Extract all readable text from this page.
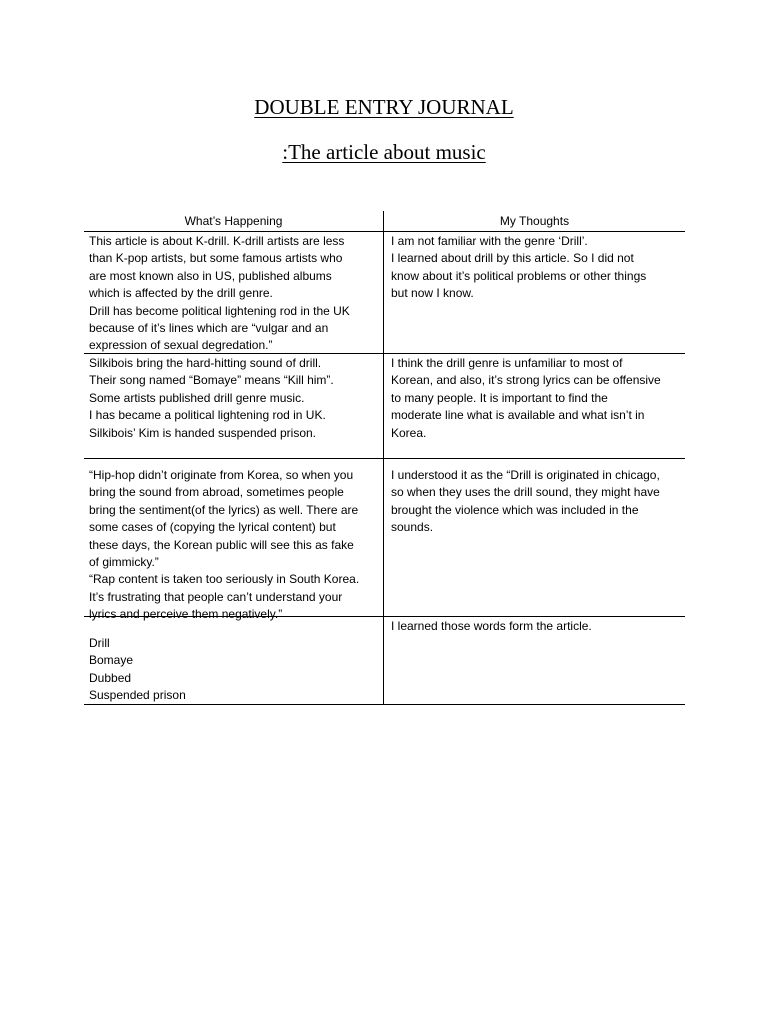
DOUBLE ENTRY JOURNAL
:The article about music
What’s Happening	My Thoughts
This article is about K-drill. K-drill artists are less
than K-pop artists, but some famous artists who
are most known also in US, published albums
which is affected by the drill genre.
Drill has become political lightening rod in the UK
because of it’s lines which are “vulgar and an
expression of sexual degredation.”
I am not familiar with the genre ‘Drill’.
I learned about drill by this article. So I did not
know about it’s political problems or other things
but now I know.
Silkibois bring the hard-hitting sound of drill.
Their song named “Bomaye” means “Kill him”.
Some artists published drill genre music.
I has became a political lightening rod in UK.
Silkibois’ Kim is handed suspended prison.
I think the drill genre is unfamiliar to most of
Korean, and also, it’s strong lyrics can be offensive
to many people. It is important to find the
moderate line what is available and what isn’t in
Korea.
“Hip-hop didn’t originate from Korea, so when you
bring the sound from abroad, sometimes people
bring the sentiment(of the lyrics) as well. There are
some cases of (copying the lyrical content) but
these days, the Korean public will see this as fake
of gimmicky.”
“Rap content is taken too seriously in South Korea.
It’s frustrating that people can’t understand your
lyrics and perceive them negatively.”
I understood it as the “Drill is originated in chicago,
so when they uses the drill sound, they might have
brought the violence which was included in the
sounds.
Drill
Bomaye
Dubbed
Suspended prison
I learned those words form the article.
